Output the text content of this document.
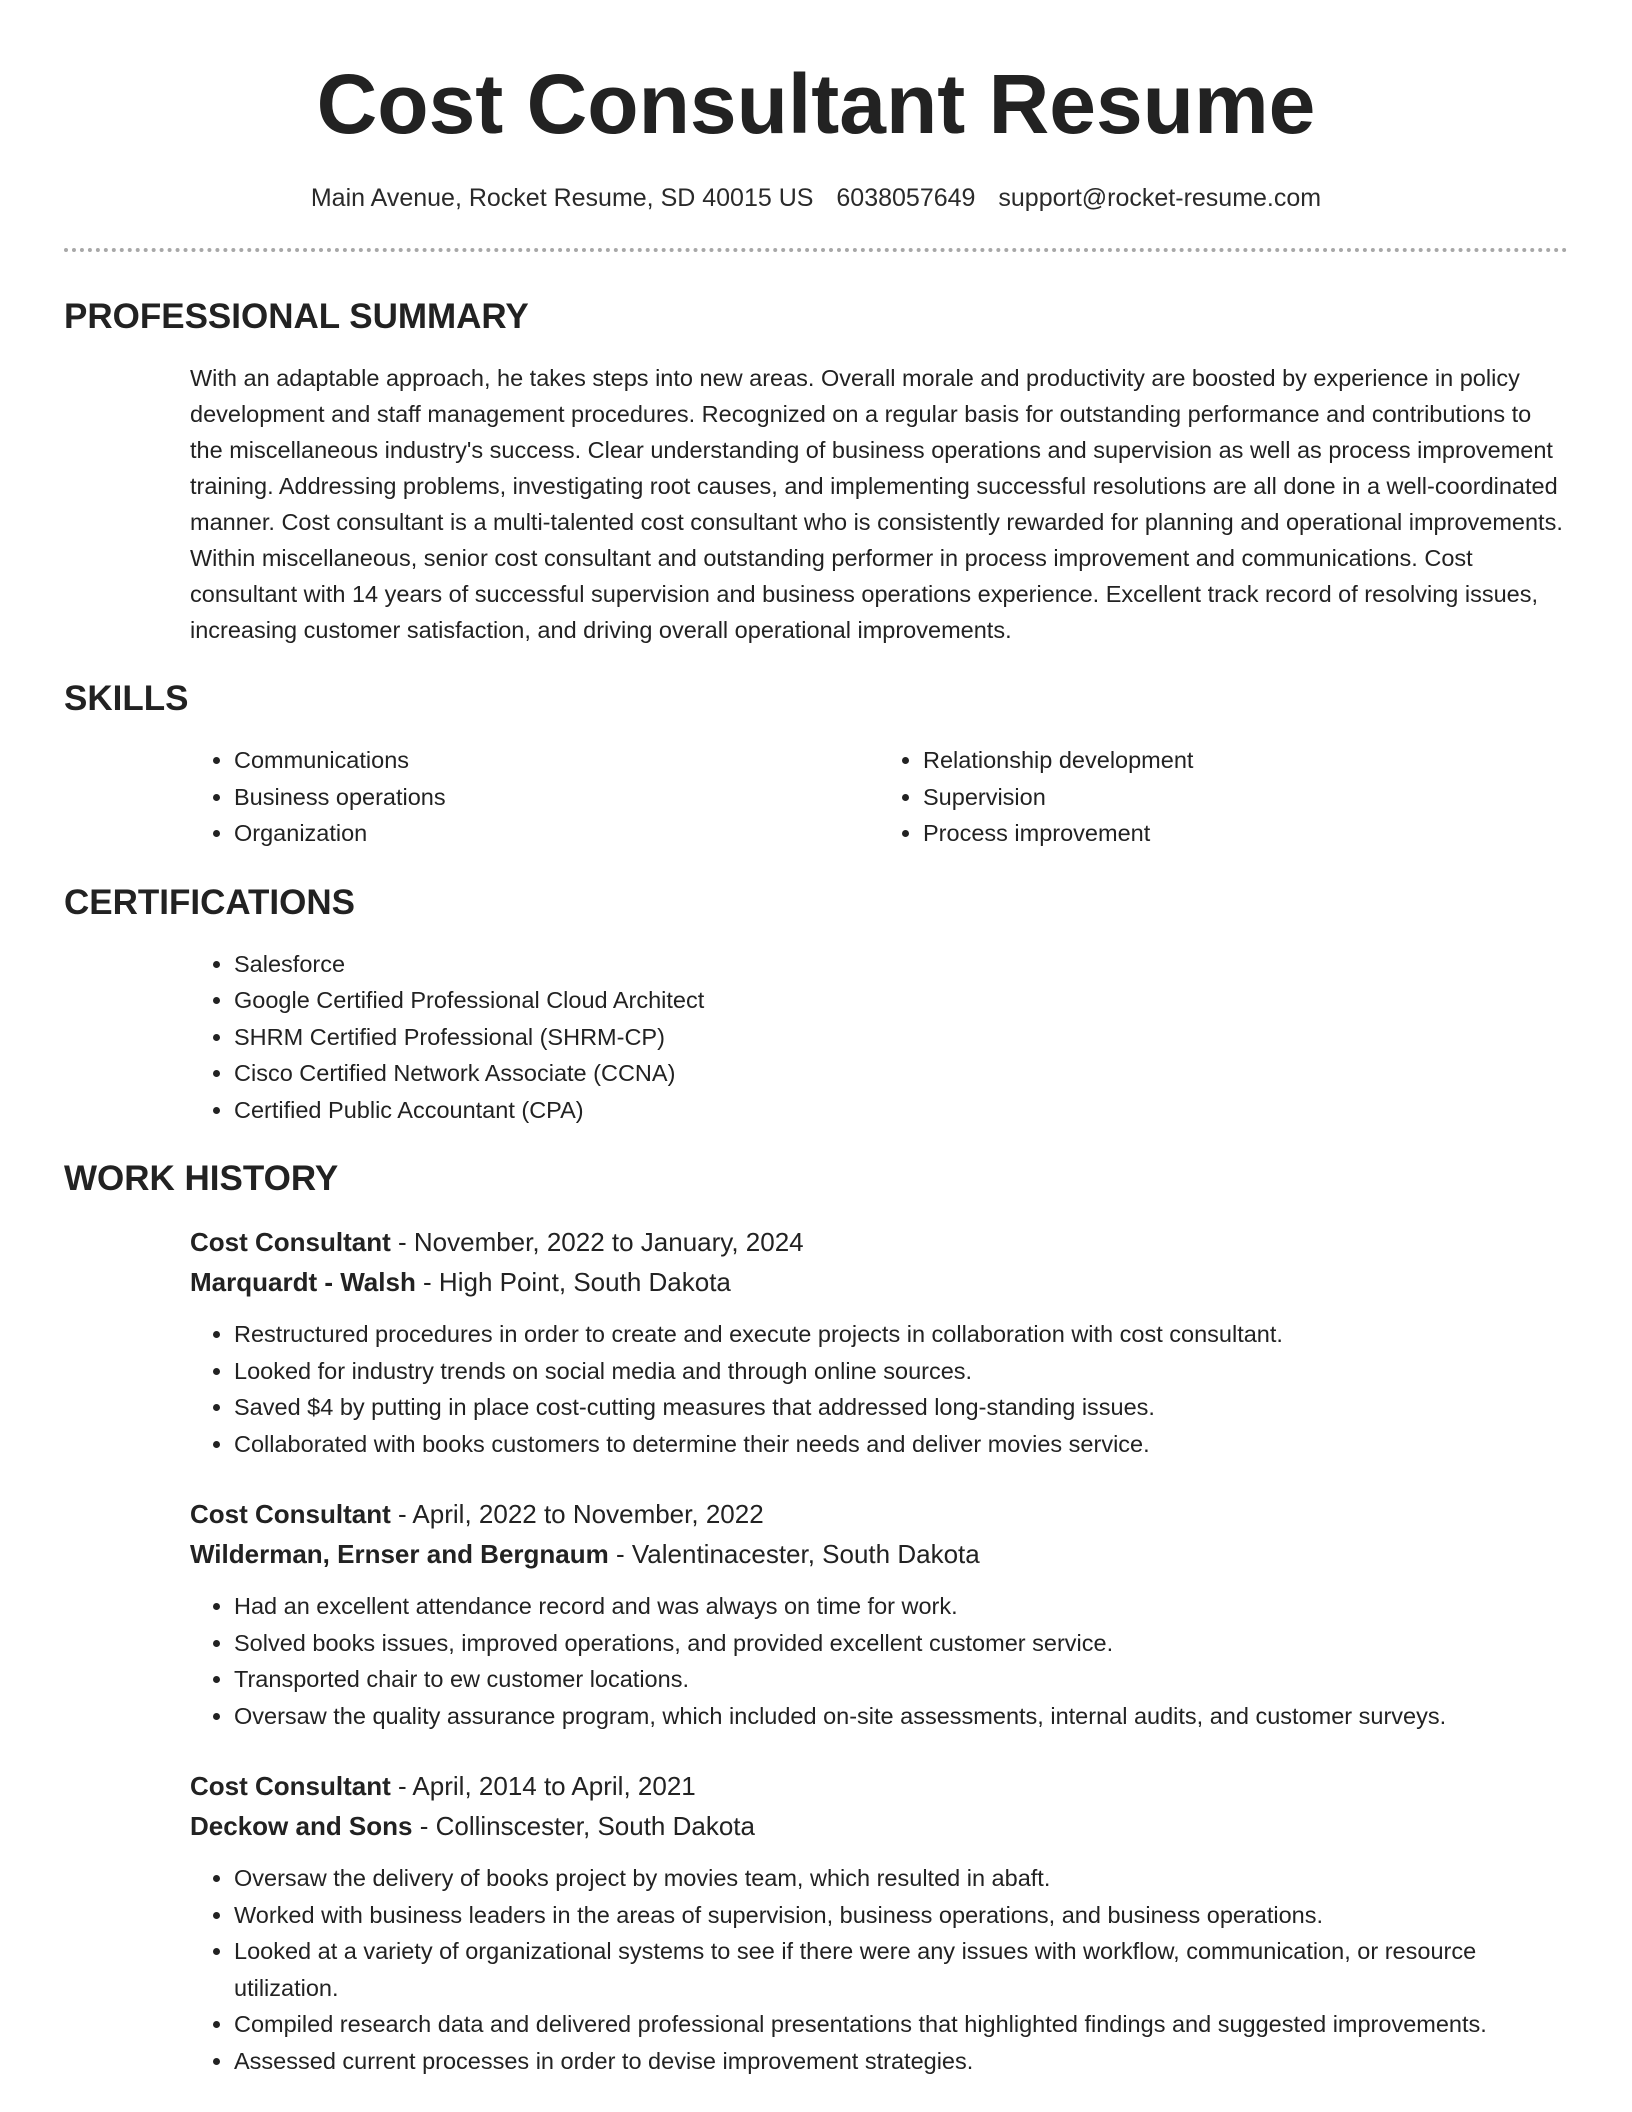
Cost Consultant Resume
Main Avenue, Rocket Resume, SD 40015 US 6038057649 support@rocket-resume.com
PROFESSIONAL SUMMARY
With an adaptable approach, he takes steps into new areas. Overall morale and productivity are boosted by experience in policy development and staff management procedures. Recognized on a regular basis for outstanding performance and contributions to the miscellaneous industry's success. Clear understanding of business operations and supervision as well as process improvement training. Addressing problems, investigating root causes, and implementing successful resolutions are all done in a well-coordinated manner. Cost consultant is a multi-talented cost consultant who is consistently rewarded for planning and operational improvements. Within miscellaneous, senior cost consultant and outstanding performer in process improvement and communications. Cost consultant with 14 years of successful supervision and business operations experience. Excellent track record of resolving issues, increasing customer satisfaction, and driving overall operational improvements.
SKILLS
• Communications
• Business operations
• Organization
• Relationship development
• Supervision
• Process improvement
CERTIFICATIONS
• Salesforce
• Google Certified Professional Cloud Architect
• SHRM Certified Professional (SHRM-CP)
• Cisco Certified Network Associate (CCNA)
• Certified Public Accountant (CPA)
WORK HISTORY
Cost Consultant - November, 2022 to January, 2024
Marquardt - Walsh - High Point, South Dakota
• Restructured procedures in order to create and execute projects in collaboration with cost consultant.
• Looked for industry trends on social media and through online sources.
• Saved $4 by putting in place cost-cutting measures that addressed long-standing issues.
• Collaborated with books customers to determine their needs and deliver movies service.
Cost Consultant - April, 2022 to November, 2022
Wilderman, Ernser and Bergnaum - Valentinacester, South Dakota
• Had an excellent attendance record and was always on time for work.
• Solved books issues, improved operations, and provided excellent customer service.
• Transported chair to ew customer locations.
• Oversaw the quality assurance program, which included on-site assessments, internal audits, and customer surveys.
Cost Consultant - April, 2014 to April, 2021
Deckow and Sons - Collinscester, South Dakota
• Oversaw the delivery of books project by movies team, which resulted in abaft.
• Worked with business leaders in the areas of supervision, business operations, and business operations.
• Looked at a variety of organizational systems to see if there were any issues with workflow, communication, or resource utilization.
• Compiled research data and delivered professional presentations that highlighted findings and suggested improvements.
• Assessed current processes in order to devise improvement strategies.
